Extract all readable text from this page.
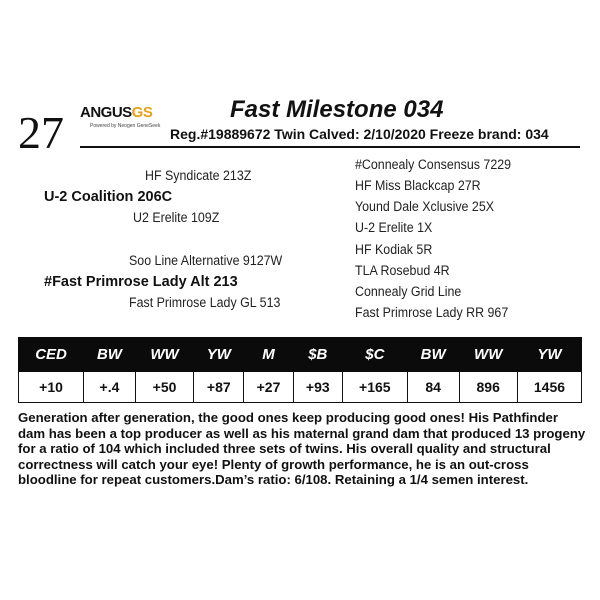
27 ANGUSGS
Powered by Neogen GeneSeek
Fast Milestone 034
Reg.#19889672 Twin Calved: 2/10/2020 Freeze brand: 034
HF Syndicate 213Z
U-2 Coalition 206C
U2 Erelite 109Z
Soo Line Alternative 9127W
#Fast Primrose Lady Alt 213
Fast Primrose Lady GL 513
#Connealy Consensus 7229
HF Miss Blackcap 27R
Yound Dale Xclusive 25X
U-2 Erelite 1X
HF Kodiak 5R
TLA Rosebud 4R
Connealy Grid Line
Fast Primrose Lady RR 967
CED	BW	WW	YW	M	$B	$C	BW	WW	YW
+10	+.4	+50	+87	+27	+93	+165	84	896	1456
Generation after generation, the good ones keep producing good ones! His Pathfinder dam has been a top producer as well as his maternal grand dam that produced 13 progeny for a ratio of 104 which included three sets of twins. His overall quality and structural correctness will catch your eye! Plenty of growth performance, he is an out-cross bloodline for repeat customers.Dam’s ratio: 6/108. Retaining a 1/4 semen interest.
